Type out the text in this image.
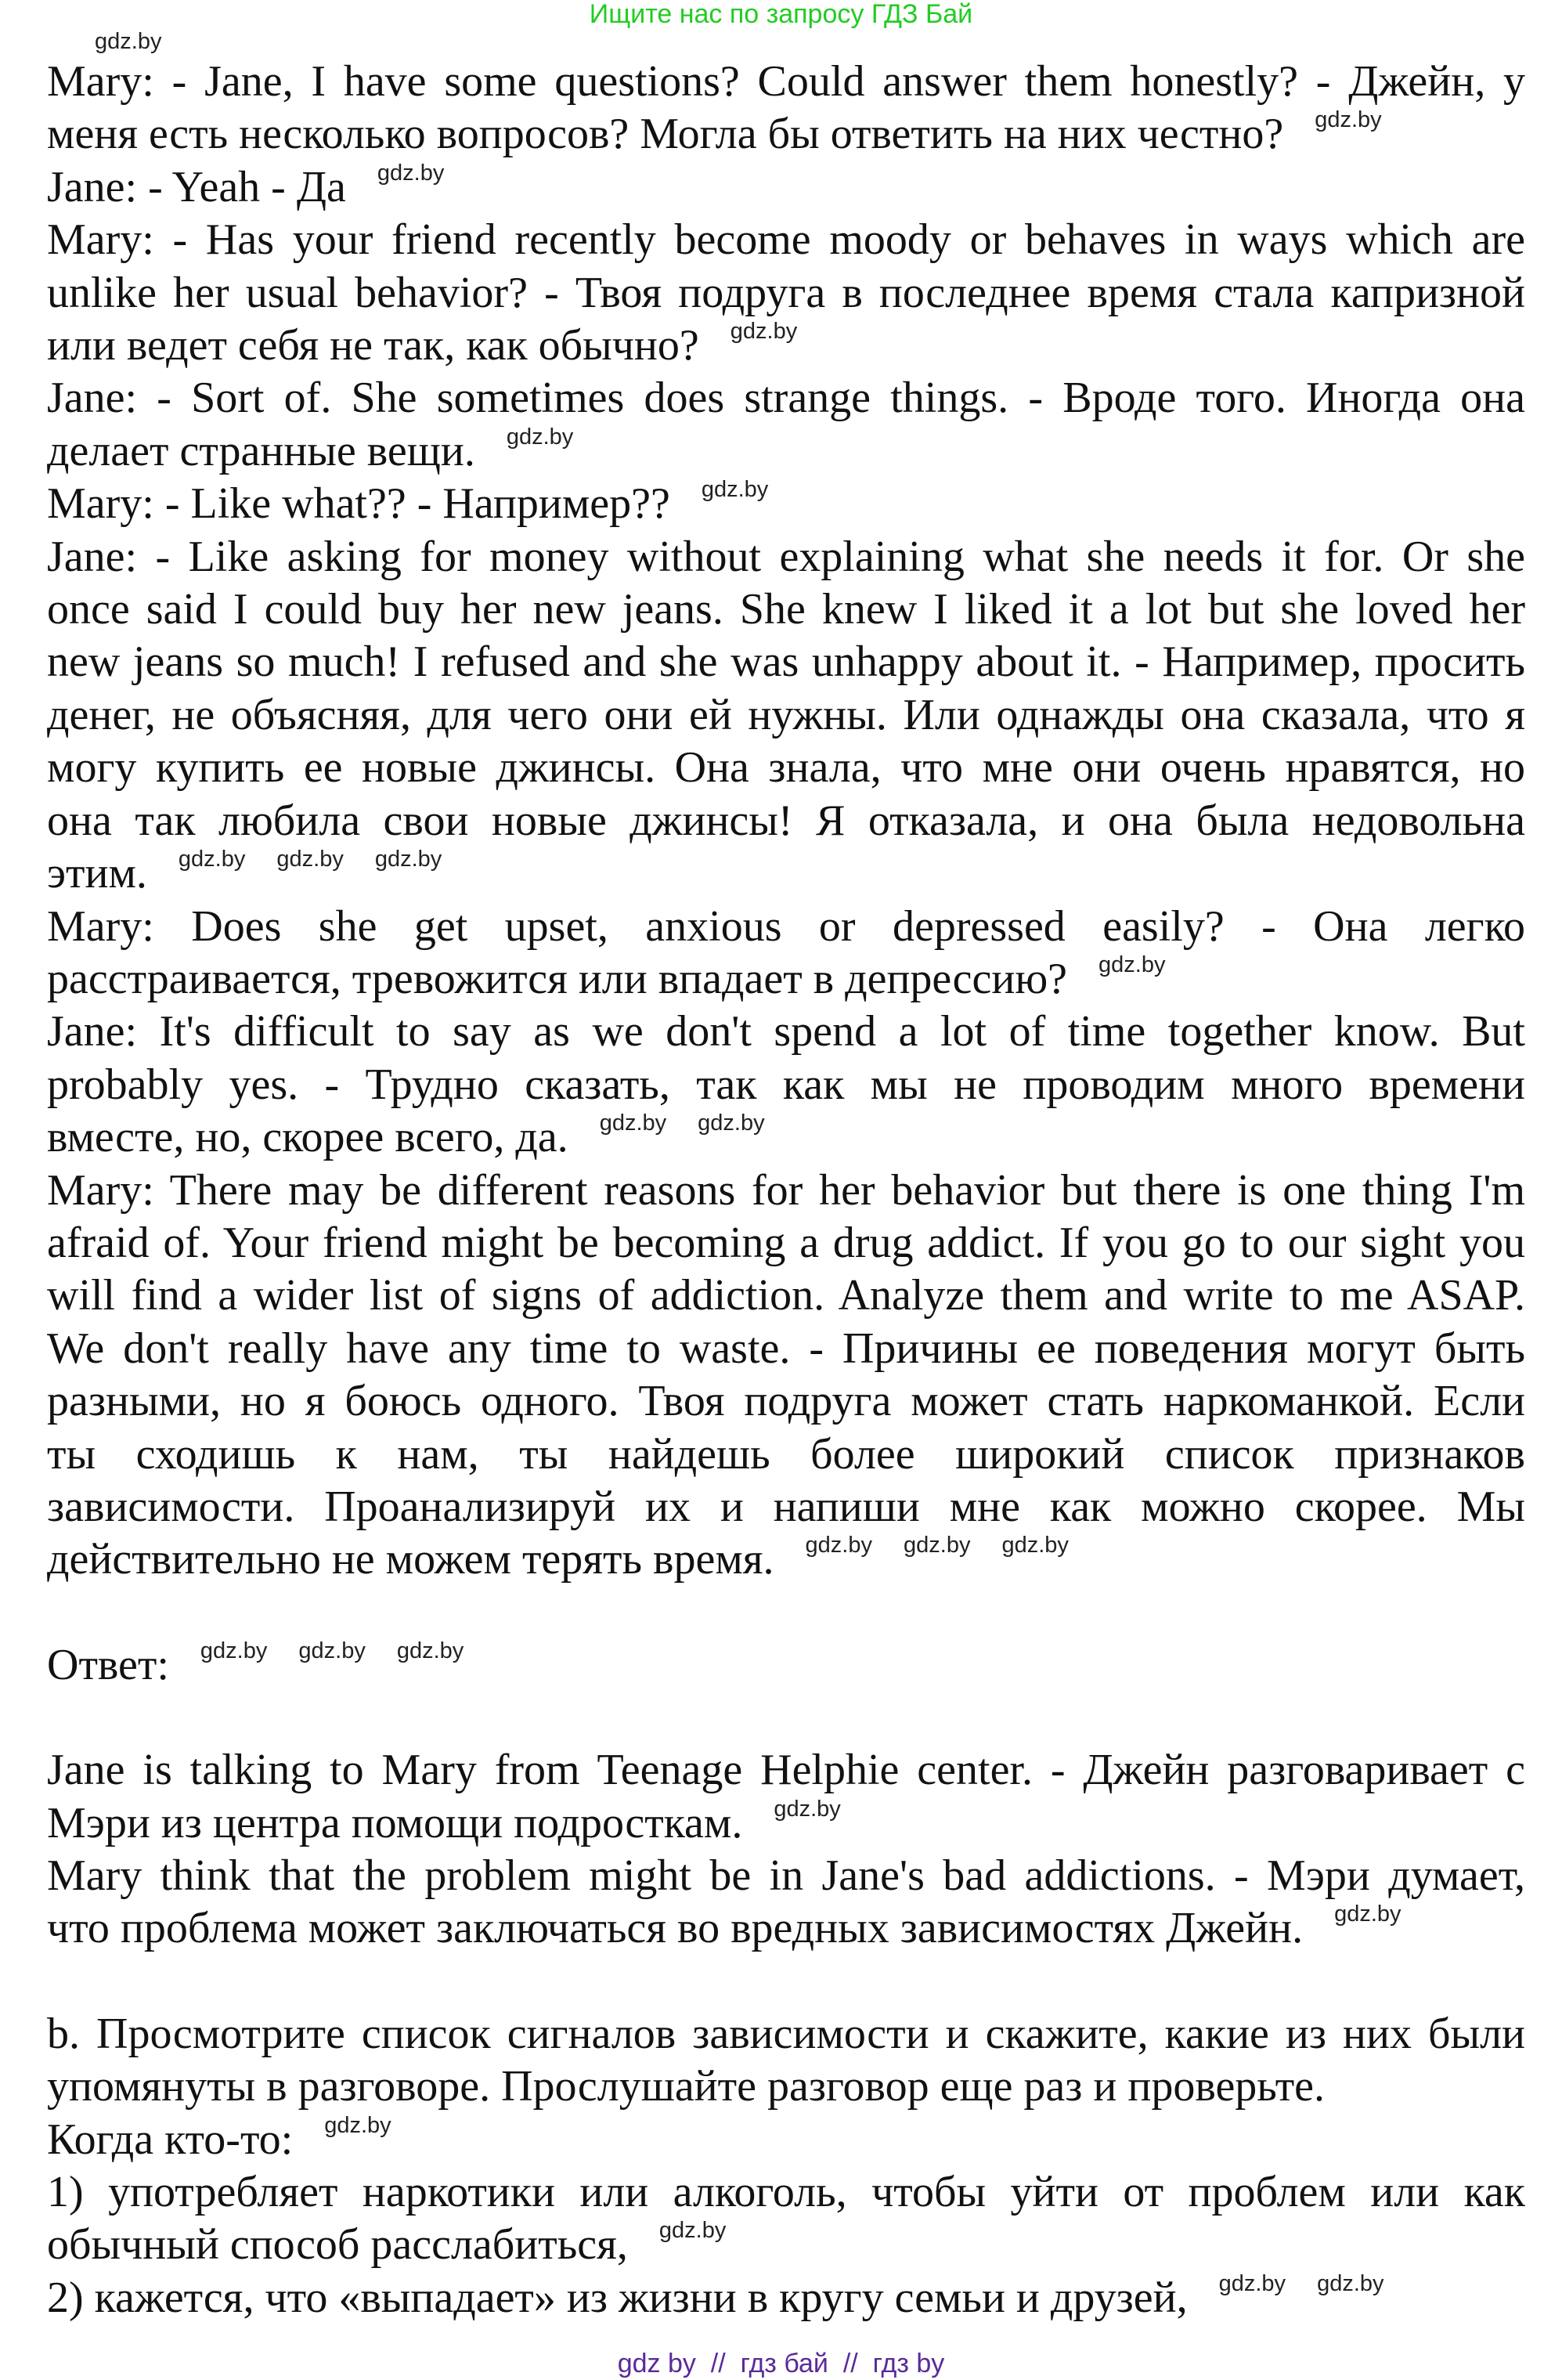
Ищите нас по запросу ГДЗ Бай
gdz.by
Mary: - Jane, I have some questions? Could answer them honestly? - Джейн, у
меня есть несколько вопросов? Могла бы ответить на них честно? gdz.by
Jane: - Yeah - Да gdz.by
Mary: - Has your friend recently become moody or behaves in ways which are
unlike her usual behavior? - Твоя подруга в последнее время стала капризной
или ведет себя не так, как обычно? gdz.by
Jane: - Sort of. She sometimes does strange things. - Вроде того. Иногда она
делает странные вещи. gdz.by
Mary: - Like what?? - Например?? gdz.by
Jane: - Like asking for money without explaining what she needs it for. Or she
once said I could buy her new jeans. She knew I liked it a lot but she loved her
new jeans so much! I refused and she was unhappy about it. - Например, просить
денег, не объясняя, для чего они ей нужны. Или однажды она сказала, что я
могу купить ее новые джинсы. Она знала, что мне они очень нравятся, но
она так любила свои новые джинсы! Я отказала, и она была недовольна
этим. gdz.by gdz.by gdz.by
Mary: Does she get upset, anxious or depressed easily? - Она легко
расстраивается, тревожится или впадает в депрессию? gdz.by
Jane: It's difficult to say as we don't spend a lot of time together know. But
probably yes. - Трудно сказать, так как мы не проводим много времени
вместе, но, скорее всего, да. gdz.by gdz.by
Mary: There may be different reasons for her behavior but there is one thing I'm
afraid of. Your friend might be becoming a drug addict. If you go to our sight you
will find a wider list of signs of addiction. Analyze them and write to me ASAP.
We don't really have any time to waste. - Причины ее поведения могут быть
разными, но я боюсь одного. Твоя подруга может стать наркоманкой. Если
ты сходишь к нам, ты найдешь более широкий список признаков
зависимости. Проанализируй их и напиши мне как можно скорее. Мы
действительно не можем терять время. gdz.by gdz.by gdz.by
Ответ: gdz.by gdz.by gdz.by
Jane is talking to Mary from Teenage Helphie center. - Джейн разговаривает с
Мэри из центра помощи подросткам. gdz.by
Mary think that the problem might be in Jane's bad addictions. - Мэри думает,
что проблема может заключаться во вредных зависимостях Джейн. gdz.by
b. Просмотрите список сигналов зависимости и скажите, какие из них были
упомянуты в разговоре. Прослушайте разговор еще раз и проверьте.
Когда кто-то: gdz.by
1) употребляет наркотики или алкоголь, чтобы уйти от проблем или как
обычный способ расслабиться, gdz.by
2) кажется, что «выпадает» из жизни в кругу семьи и друзей, gdz.by gdz.by
gdz by  //  гдз бай  //  гдз by
